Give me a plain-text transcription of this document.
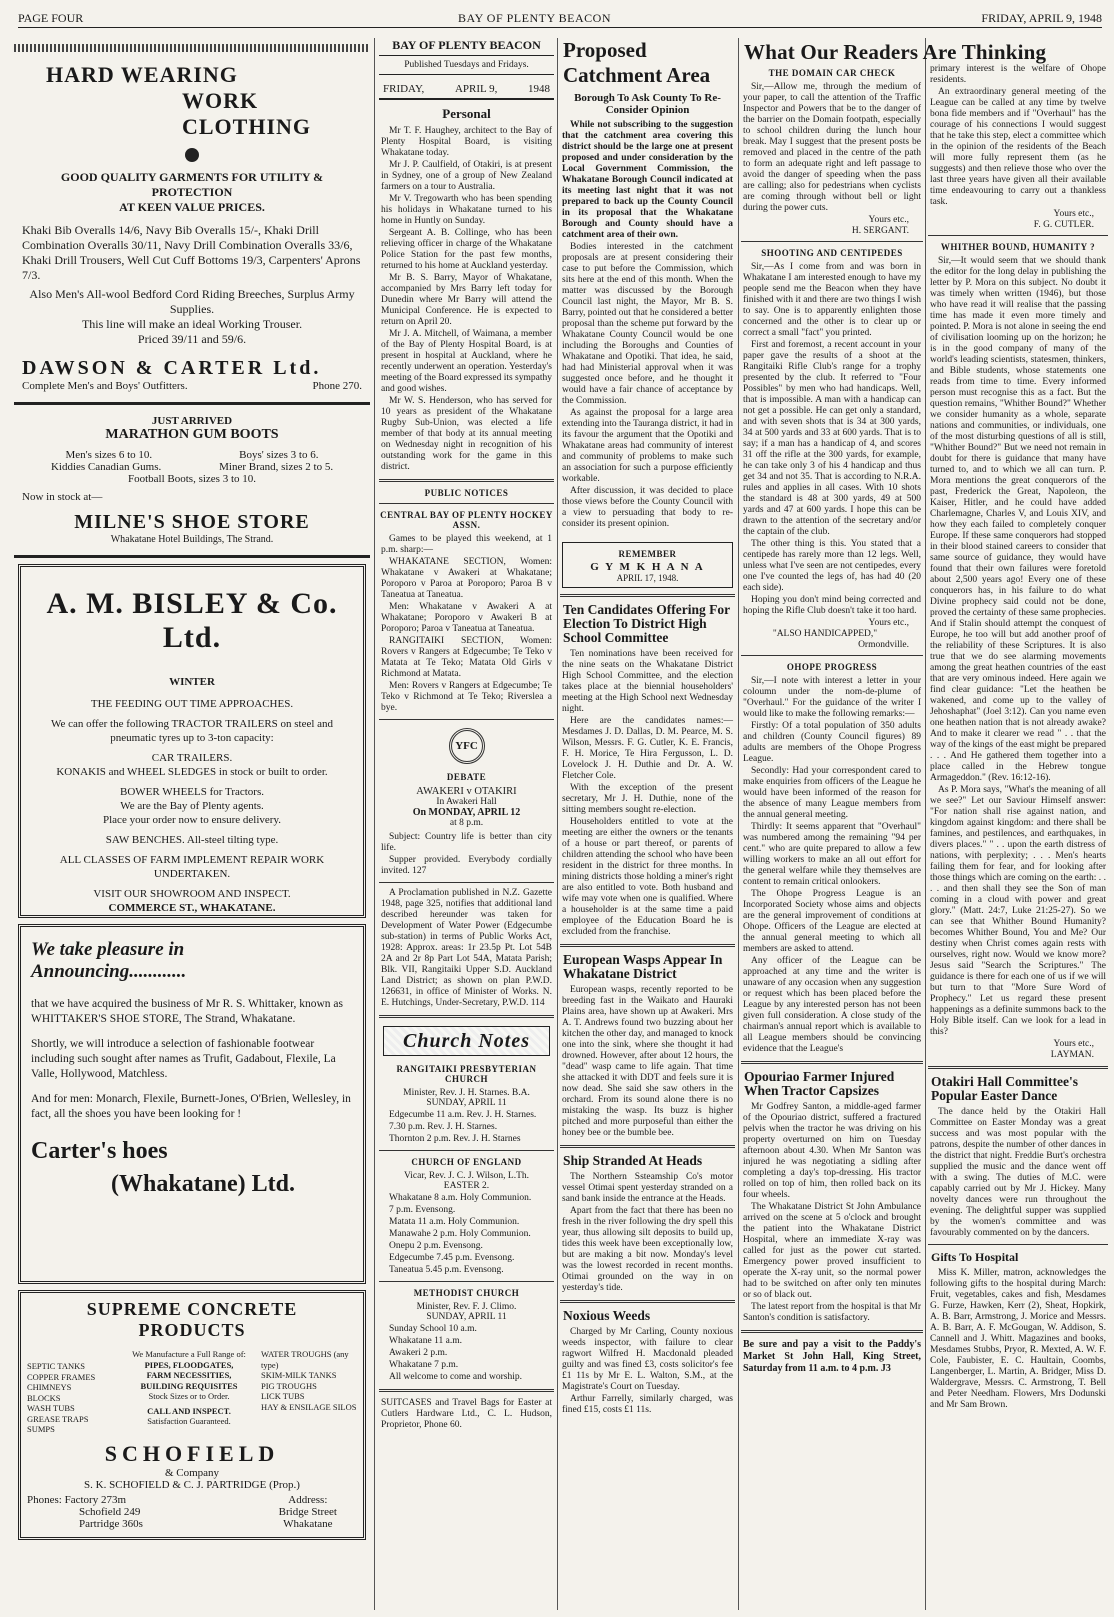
PAGE FOUR	BAY OF PLENTY BEACON	FRIDAY, APRIL 9, 1948
HARD WEARING
WORK CLOTHING
GOOD QUALITY GARMENTS FOR UTILITY & PROTECTION
AT KEEN VALUE PRICES.
Khaki Bib Overalls 14/6, Navy Bib Overalls 15/-, Khaki Drill Combination Overalls 30/11, Navy Drill Combination Overalls 33/6, Khaki Drill Trousers, Well Cut Cuff Bottoms 19/3, Carpenters' Aprons 7/3.
Also Men's All-wool Bedford Cord Riding Breeches, Surplus Army Supplies.
This line will make an ideal Working Trouser.
Priced 39/11 and 59/6.
DAWSON & CARTER Ltd.
Complete Men's and Boys' Outfitters.	Phone 270.
JUST ARRIVED
MARATHON GUM BOOTS
Men's sizes 6 to 10.	Boys' sizes 3 to 6.
Kiddies Canadian Gums.	Miner Brand, sizes 2 to 5.
Football Boots, sizes 3 to 10.
Now in stock at—
MILNE'S SHOE STORE
Whakatane Hotel Buildings, The Strand.
A. M. BISLEY & Co. Ltd.
WINTER
THE FEEDING OUT TIME APPROACHES.
We can offer the following TRACTOR TRAILERS on steel and pneumatic tyres up to 3-ton capacity:
CAR TRAILERS.
KONAKIS and WHEEL SLEDGES in stock or built to order.
BOWER WHEELS for Tractors.
We are the Bay of Plenty agents.
Place your order now to ensure delivery.
SAW BENCHES. All-steel tilting type.
ALL CLASSES OF FARM IMPLEMENT REPAIR WORK UNDERTAKEN.
VISIT OUR SHOWROOM AND INSPECT.
COMMERCE ST., WHAKATANE.
We take pleasure in
Announcing............
that we have acquired the business of Mr R. S. Whittaker, known as WHITTAKER'S SHOE STORE, The Strand, Whakatane.
Shortly, we will introduce a selection of fashionable footwear including such sought after names as Trufit, Gadabout, Flexile, La Valle, Hollywood, Matchless.
And for men: Monarch, Flexile, Burnett-Jones, O'Brien, Wellesley, in fact, all the shoes you have been looking for !
Carter's hoes
(Whakatane) Ltd.
SUPREME CONCRETE
PRODUCTS
SEPTIC TANKS
COPPER FRAMES
CHIMNEYS
BLOCKS
WASH TUBS
GREASE TRAPS
SUMPS
We Manufacture a Full Range of:
PIPES, FLOODGATES,
FARM NECESSITIES,
BUILDING REQUISITES
Stock Sizes or to Order.
CALL AND INSPECT.
Satisfaction Guaranteed.
WATER TROUGHS (any type)
SKIM-MILK TANKS
PIG TROUGHS
LICK TUBS
HAY & ENSILAGE SILOS
SCHOFIELD
& Company
S. K. SCHOFIELD & C. J. PARTRIDGE (Prop.)
Phones: Factory 273m
Schofield 249
Partridge 360s
Address:
Bridge Street
Whakatane
BAY OF PLENTY BEACON
Published Tuesdays and Fridays.
FRIDAY,	APRIL 9,	1948
Personal

Mr T. F. Haughey, architect to the Bay of Plenty Hospital Board, is visiting Whakatane today.

Mr J. P. Caulfield, of Otakiri, is at present in Sydney, one of a group of New Zealand farmers on a tour to Australia.

Mr V. Tregowarth who has been spending his holidays in Whakatane turned to his home in Huntly on Sunday.

Sergeant A. B. Collinge, who has been relieving officer in charge of the Whakatane Police Station for the past few months, returned to his home at Auckland yesterday.

Mr B. S. Barry, Mayor of Whakatane, accompanied by Mrs Barry left today for Dunedin where Mr Barry will attend the Municipal Conference. He is expected to return on April 20.

Mr J. A. Mitchell, of Waimana, a member of the Bay of Plenty Hospital Board, is at present in hospital at Auckland, where he recently underwent an operation. Yesterday's meeting of the Board expressed its sympathy and good wishes.

Mr W. S. Henderson, who has served for 10 years as president of the Whakatane Rugby Sub-Union, was elected a life member of that body at its annual meeting on Wednesday night in recognition of his outstanding work for the game in this district.

PUBLIC NOTICES
CENTRAL BAY OF PLENTY HOCKEY ASSN.

Games to be played this weekend, at 1 p.m. sharp:—

WHAKATANE SECTION, Women: Whakatane v Awakeri at Whakatane; Poroporo v Paroa at Poroporo; Paroa B v Taneatua at Taneatua.

Men: Whakatane v Awakeri A at Whakatane; Poroporo v Awakeri B at Poroporo; Paroa v Taneatua at Taneatua.

RANGITAIKI SECTION, Women: Rovers v Rangers at Edgecumbe; Te Teko v Matata at Te Teko; Matata Old Girls v Richmond at Matata.

Men: Rovers v Rangers at Edgecumbe; Te Teko v Richmond at Te Teko; Riverslea a bye.

YFC
DEBATE
AWAKERI v OTAKIRI
In Awakeri Hall
On MONDAY, APRIL 12
at 8 p.m.

Subject: Country life is better than city life.

Supper provided. Everybody cordially invited. 127

A Proclamation published in N.Z. Gazette 1948, page 325, notifies that additional land described hereunder was taken for Development of Water Power (Edgecumbe sub-station) in terms of Public Works Act, 1928: Approx. areas: 1r 23.5p Pt. Lot 54B 2A and 2r 8p Part Lot 54A, Matata Parish; Blk. VII, Rangitaiki Upper S.D. Auckland Land District; as shown on plan P.W.D. 126631, in office of Minister of Works. N. E. Hutchings, Under-Secretary, P.W.D. 114

Church Notes
RANGITAIKI PRESBYTERIAN CHURCH
Minister, Rev. J. H. Starnes. B.A.

SUNDAY, APRIL 11

Edgecumbe 11 a.m. Rev. J. H. Starnes.

7.30 p.m. Rev. J. H. Starnes.

Thornton 2 p.m. Rev. J. H. Starnes

CHURCH OF ENGLAND
Vicar, Rev. J. C. J. Wilson, L.Th.

EASTER 2.

Whakatane 8 a.m. Holy Communion.

7 p.m. Evensong.

Matata 11 a.m. Holy Communion.

Manawahe 2 p.m. Holy Communion.

Onepu 2 p.m. Evensong.

Edgecumbe 7.45 p.m. Evensong.

Taneatua 5.45 p.m. Evensong.

METHODIST CHURCH
Minister, Rev. F. J. Climo.

SUNDAY, APRIL 11

Sunday School 10 a.m.

Whakatane 11 a.m.

Awakeri 2 p.m.

Whakatane 7 p.m.

All welcome to come and worship.

SUITCASES and Travel Bags for Easter at Cutlers Hardware Ltd., C. L. Hudson, Proprietor, Phone 60.

Proposed
Catchment Area
Borough To Ask County To Re-Consider Opinion

While not subscribing to the suggestion that the catchment area covering this district should be the large one at present proposed and under consideration by the Local Government Commission, the Whakatane Borough Council indicated at its meeting last night that it was not prepared to back up the County Council in its proposal that the Whakatane Borough and County should have a catchment area of their own.

Bodies interested in the catchment proposals are at present considering their case to put before the Commission, which sits here at the end of this month. When the matter was discussed by the Borough Council last night, the Mayor, Mr B. S. Barry, pointed out that he considered a better proposal than the scheme put forward by the Whakatane County Council would be one including the Boroughs and Counties of Whakatane and Opotiki. That idea, he said, had had Ministerial approval when it was suggested once before, and he thought it would have a fair chance of acceptance by the Commission.

As against the proposal for a large area extending into the Tauranga district, it had in its favour the argument that the Opotiki and Whakatane areas had community of interest and community of problems to make such an association for such a purpose efficiently workable.

After discussion, it was decided to place those views before the County Council with a view to persuading that body to re-consider its present opinion.

REMEMBER
G Y M K H A N A
APRIL 17, 1948.
Ten Candidates Offering For Election To District High School Committee

Ten nominations have been received for the nine seats on the Whakatane District High School Committee, and the election takes place at the biennial householders' meeting at the High School next Wednesday night.

Here are the candidates names:—Mesdames J. D. Dallas, D. M. Pearce, M. S. Wilson, Messrs. F. G. Cutler, K. E. Francis, F. H. Morice, Te Hira Fergusson, L. D. Lovelock J. H. Duthie and Dr. A. W. Fletcher Cole.

With the exception of the present secretary, Mr J. H. Duthie, none of the sitting members sought re-election.

Householders entitled to vote at the meeting are either the owners or the tenants of a house or part thereof, or parents of children attending the school who have been resident in the district for three months. In mining districts those holding a miner's right are also entitled to vote. Both husband and wife may vote when one is qualified. Where a householder is at the same time a paid employee of the Education Board he is excluded from the franchise.

European Wasps Appear In Whakatane District

European wasps, recently reported to be breeding fast in the Waikato and Hauraki Plains area, have shown up at Awakeri. Mrs A. T. Andrews found two buzzing about her kitchen the other day, and managed to knock one into the sink, where she thought it had drowned. However, after about 12 hours, the "dead" wasp came to life again. That time she attacked it with DDT and feels sure it is now dead. She said she saw others in the orchard. From its sound alone there is no mistaking the wasp. Its buzz is higher pitched and more purposeful than either the honey bee or the bumble bee.

Ship Stranded At Heads

The Northern Ssteamship Co's motor vessel Otimai spent yesterday stranded on a sand bank inside the entrance at the Heads.

Apart from the fact that there has been no fresh in the river following the dry spell this year, thus allowing silt deposits to build up, tides this week have been exceptionally low, but are making a bit now. Monday's level was the lowest recorded in recent months. Otimai grounded on the way in on yesterday's tide.

Noxious Weeds

Charged by Mr Carling, County noxious weeds inspector, with failure to clear ragwort Wilfred H. Macdonald pleaded guilty and was fined £3, costs solicitor's fee £1 11s by Mr E. L. Walton, S.M., at the Magistrate's Court on Tuesday.

Arthur Farrelly, similarly charged, was fined £15, costs £1 11s.

What Our Readers Are Thinking
THE DOMAIN CAR CHECK

Sir,—Allow me, through the medium of your paper, to call the attention of the Traffic Inspector and Powers that be to the danger of the barrier on the Domain footpath, especially to school children during the lunch hour break. May I suggest that the present posts be removed and placed in the centre of the path to form an adequate right and left passage to avoid the danger of speeding when the pass are calling; also for pedestrians when cyclists are coming through without bell or light during the power cuts.

Yours etc.,
H. SERGANT.
SHOOTING AND CENTIPEDES

Sir,—As I come from and was born in Whakatane I am interested enough to have my people send me the Beacon when they have finished with it and there are two things I wish to say. One is to apparently enlighten those concerned and the other is to clear up or correct a small "fact" you printed.

First and foremost, a recent account in your paper gave the results of a shoot at the Rangitaiki Rifle Club's range for a trophy presented by the club. It referred to "Four Possibles" by men who had handicaps. Well, that is impossible. A man with a handicap can not get a possible. He can get only a standard, and with seven shots that is 34 at 300 yards, 34 at 500 yards and 33 at 600 yards. That is to say; if a man has a handicap of 4, and scores 31 off the rifle at the 300 yards, for example, he can take only 3 of his 4 handicap and thus get 34 and not 35. That is according to N.R.A. rules and applies in all cases. With 10 shots the standard is 48 at 300 yards, 49 at 500 yards and 47 at 600 yards. I hope this can be drawn to the attention of the secretary and/or the captain of the club.

The other thing is this. You stated that a centipede has rarely more than 12 legs. Well, unless what I've seen are not centipedes, every one I've counted the legs of, has had 40 (20 each side).

Hoping you don't mind being corrected and hoping the Rifle Club doesn't take it too hard.

Yours etc.,
"ALSO HANDICAPPED,"
Ormondville.
OHOPE PROGRESS

Sir,—I note with interest a letter in your coloumn under the nom-de-plume of "Overhaul." For the guidance of the writer I would like to make the following remarks:—

Firstly: Of a total population of 350 adults and children (County Council figures) 89 adults are members of the Ohope Progress League.

Secondly: Had your correspondent cared to make enquiries from officers of the League he would have been informed of the reason for the absence of many League members from the annual general meeting.

Thirdly: It seems apparent that "Overhaul" was numbered among the remaining "94 per cent." who are quite prepared to allow a few willing workers to make an all out effort for the general welfare while they themselves are content to remain critical onlookers.

The Ohope Progress League is an Incorporated Society whose aims and objects are the general improvement of conditions at Ohope. Officers of the League are elected at the annual general meeting to which all members are asked to attend.

Any officer of the League can be approached at any time and the writer is unaware of any occasion when any suggestion or request which has been placed before the League by any interested person has not been given full consideration. A close study of the chairman's annual report which is available to all League members should be convincing evidence that the League's

Opouriao Farmer Injured When Tractor Capsizes

Mr Godfrey Santon, a middle-aged farmer of the Opouriao district, suffered a fractured pelvis when the tractor he was driving on his property overturned on him on Tuesday afternoon about 4.30. When Mr Santon was injured he was negotiating a sidling after completing a day's top-dressing. His tractor rolled on top of him, then rolled back on its four wheels.

The Whakatane District St John Ambulance arrived on the scene at 5 o'clock and brought the patient into the Whakatane District Hospital, where an immediate X-ray was called for just as the power cut started. Emergency power proved insufficient to operate the X-ray unit, so the normal power had to be switched on after only ten minutes or so of black out.

The latest report from the hospital is that Mr Santon's condition is satisfactory.

Be sure and pay a visit to the Paddy's Market St John Hall, King Street, Saturday from 11 a.m. to 4 p.m. J3

primary interest is the welfare of Ohope residents.

An extraordinary general meeting of the League can be called at any time by twelve bona fide members and if "Overhaul" has the courage of his connections I would suggest that he take this step, elect a committee which in the opinion of the residents of the Beach will more fully represent them (as he suggests) and then relieve those who over the last three years have given all their available time endeavouring to carry out a thankless task.

Yours etc.,
F. G. CUTLER.
WHITHER BOUND, HUMANITY ?

Sir,—It would seem that we should thank the editor for the long delay in publishing the letter by P. Mora on this subject. No doubt it was timely when written (1946), but those who have read it will realise that the passing time has made it even more timely and pointed. P. Mora is not alone in seeing the end of civilisation looming up on the horizon; he is in the good company of many of the world's leading scientists, statesmen, thinkers, and Bible students, whose statements one reads from time to time. Every informed person must recognise this as a fact. But the question remains, "Whither Bound?" Whether we consider humanity as a whole, separate nations and communities, or individuals, one of the most disturbing questions of all is still, "Whither Bound?" But we need not remain in doubt for there is guidance that many have turned to, and to which we all can turn. P. Mora mentions the great conquerors of the past, Frederick the Great, Napoleon, the Kaiser, Hitler, and he could have added Charlemagne, Charles V, and Louis XIV, and how they each failed to completely conquer Europe. If these same conquerors had stopped in their blood stained careers to consider that same source of guidance, they would have found that their own failures were foretold about 2,500 years ago! Every one of these conquerors has, in his failure to do what Divine prophecy said could not be done, proved the certainty of these same prophecies. And if Stalin should attempt the conquest of Europe, he too will but add another proof of the reliability of these Scriptures. It is also true that we do see alarming movements among the great heathen countries of the east that are very ominous indeed. Here again we find clear guidance: "Let the heathen be wakened, and come up to the valley of Jehoshaphat" (Joel 3:12). Can you name even one heathen nation that is not already awake? And to make it clearer we read " . . that the way of the kings of the east might be prepared . . . And He gathered them together into a place called in the Hebrew tongue Armageddon." (Rev. 16:12-16).

As P. Mora says, "What's the meaning of all we see?" Let our Saviour Himself answer: "For nation shall rise against nation, and kingdom against kingdom: and there shall be famines, and pestilences, and earthquakes, in divers places." " . . upon the earth distress of nations, with perplexity; . . . Men's hearts failing them for fear, and for looking after those things which are coming on the earth: . . . . and then shall they see the Son of man coming in a cloud with power and great glory." (Matt. 24:7, Luke 21:25-27). So we can see that Whither Bound Humanity? becomes Whither Bound, You and Me? Our destiny when Christ comes again rests with ourselves, right now. Would we know more? Jesus said "Search the Scriptures." The guidance is there for each one of us if we will but turn to that "More Sure Word of Prophecy." Let us regard these present happenings as a definite summons back to the Holy Bible itself. Can we look for a lead in this?

Yours etc.,
LAYMAN.
Otakiri Hall Committee's Popular Easter Dance

The dance held by the Otakiri Hall Committee on Easter Monday was a great success and was most popular with the patrons, despite the number of other dances in the district that night. Freddie Burt's orchestra supplied the music and the dance went off with a swing. The duties of M.C. were capably carried out by Mr J. Hickey. Many novelty dances were run throughout the evening. The delightful supper was supplied by the women's committee and was favourably commented on by the dancers.

Gifts To Hospital

Miss K. Miller, matron, acknowledges the following gifts to the hospital during March: Fruit, vegetables, cakes and fish, Mesdames G. Furze, Hawken, Kerr (2), Sheat, Hopkirk, A. B. Barr, Armstrong, J. Morice and Messrs. A. B. Barr, A. F. McGougan, W. Addison, S. Cannell and J. Whitt. Magazines and books, Mesdames Stubbs, Pryor, R. Mexted, A. W. F. Cole, Faubister, E. C. Haultain, Coombs, Langenberger, L. Martin, A. Bridger, Miss D. Waldergrave, Messrs. C. Armstrong, T. Bell and Peter Needham. Flowers, Mrs Dodunski and Mr Sam Brown.
